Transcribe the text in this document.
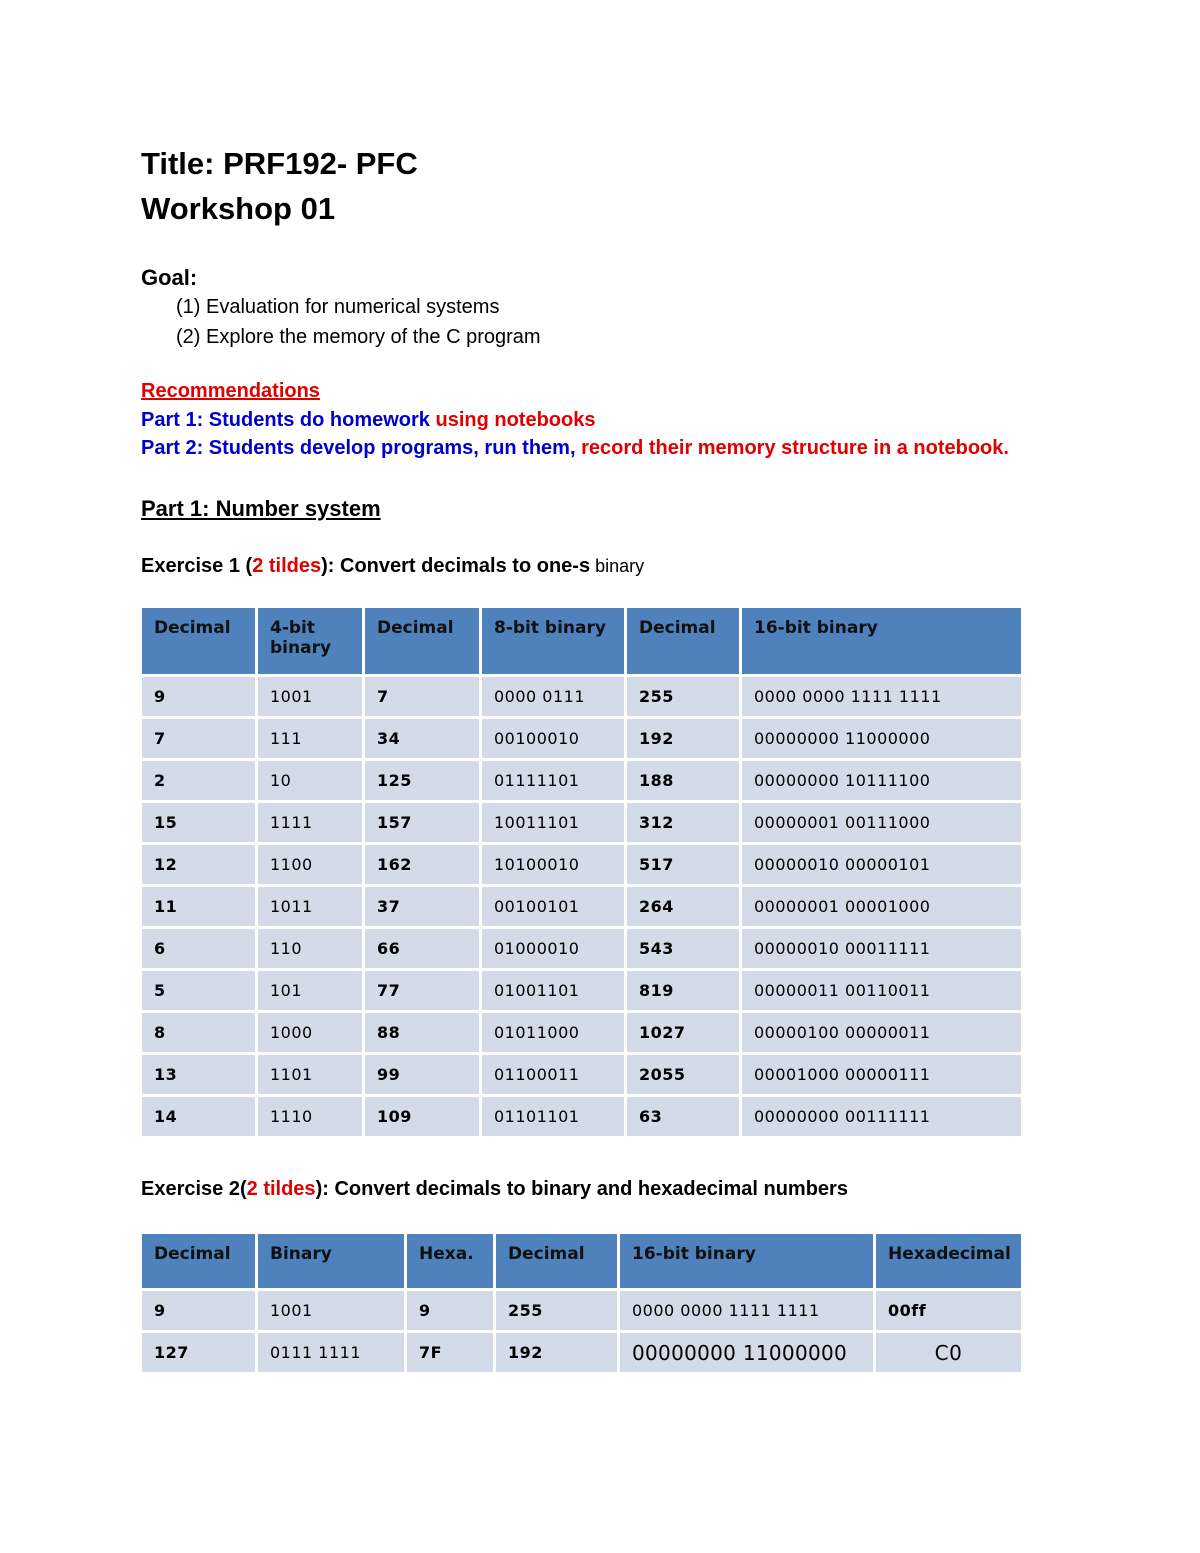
Title: PRF192- PFC
Workshop 01
Goal:
(1) Evaluation for numerical systems
(2) Explore the memory of the C program
Recommendations
Part 1: Students do homework using notebooks
Part 2: Students develop programs, run them, record their memory structure in a notebook.
Part 1: Number system
Exercise 1 (2 tildes): Convert decimals to one-s binary
Decimal	4-bit binary	Decimal	8-bit binary	Decimal	16-bit binary
9	1001	7	0000 0111	255	0000 0000 1111 1111
7	111	34	00100010	192	00000000 11000000
2	10	125	01111101	188	00000000 10111100
15	1111	157	10011101	312	00000001 00111000
12	1100	162	10100010	517	00000010 00000101
11	1011	37	00100101	264	00000001 00001000
6	110	66	01000010	543	00000010 00011111
5	101	77	01001101	819	00000011 00110011
8	1000	88	01011000	1027	00000100 00000011
13	1101	99	01100011	2055	00001000 00000111
14	1110	109	01101101	63	00000000 00111111
Exercise 2(2 tildes): Convert decimals to binary and hexadecimal numbers
Decimal	Binary	Hexa.	Decimal	16-bit binary	Hexadecimal
9	1001	9	255	0000 0000 1111 1111	00ff
127	0111 1111	7F	192	00000000 11000000	C0
